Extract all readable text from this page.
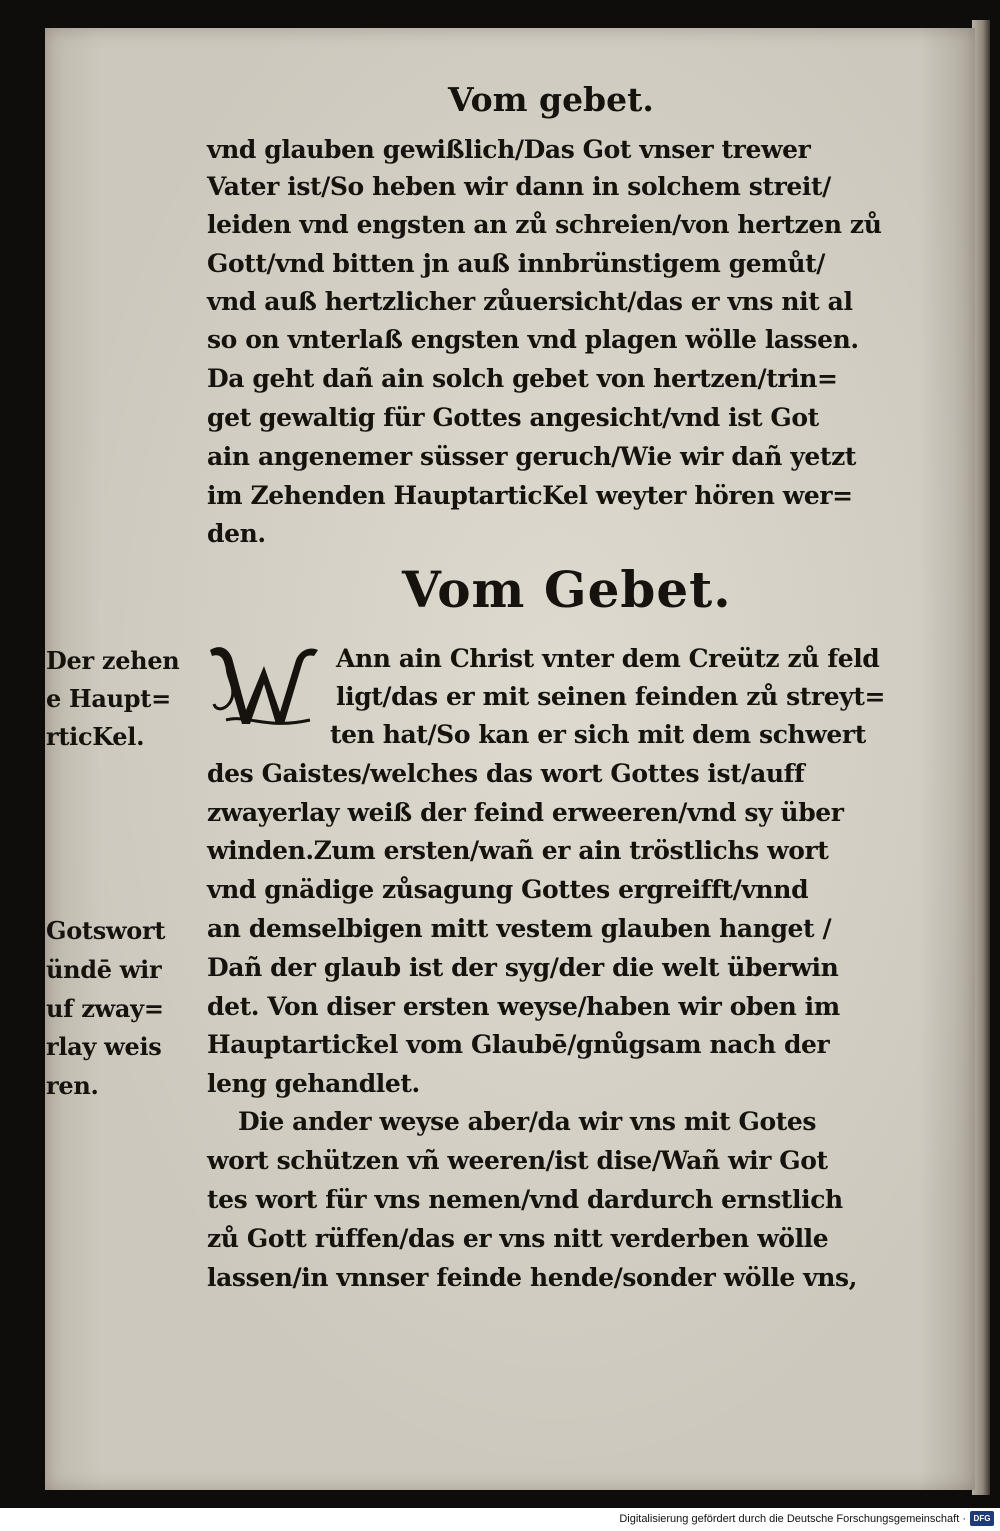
Vom gebet.
vnd glauben gewißlich/Das Got vnser trewer
Vater ist/So heben wir dann in solchem streit/
leiden vnd engsten an zů schreien/von hertzen zů
Gott/vnd bitten jn auß innbrünstigem gemůt/
vnd auß hertzlicher zůuersicht/das er vns nit al
so on vnterlaß engsten vnd plagen wölle lassen.
Da geht dañ ain solch gebet von hertzen/trin=
get gewaltig für Gottes angesicht/vnd ist Got
ain angenemer süsser geruch/Wie wir dañ yetzt
im Zehenden HauptarticKel weyter hören wer=
den.
Vom Gebet.
Ann ain Christ vnter dem Creütz zů feld
ligt/das er mit seinen feinden zů streyt=
ten hat/So kan er sich mit dem schwert
des Gaistes/welches das wort Gottes ist/auff
zwayerlay weiß der feind erweeren/vnd sy über
winden.Zum ersten/wañ er ain tröstlichs wort
vnd gnädige zůsagung Gottes ergreifft/vnnd
an demselbigen mitt vestem glauben hanget /
Dañ der glaub ist der syg/der die welt überwin
det. Von diser ersten weyse/haben wir oben im
Hauptarticꝁel vom Glaubē/gnůgsam nach der
leng gehandlet.
Die ander weyse aber/da wir vns mit Gotes
wort schützen vñ weeren/ist dise/Wañ wir Got
tes wort für vns nemen/vnd dardurch ernstlich
zů Gott rüffen/das er vns nitt verderben wölle
lassen/in vnnser feinde hende/sonder wölle vns,
Der zehen
e Haupt=
rticKel.
Gotswort
ündē wir
uf zway=
rlay weis
ren.
Digitalisierung gefördert durch die Deutsche Forschungsgemeinschaft · DFG
